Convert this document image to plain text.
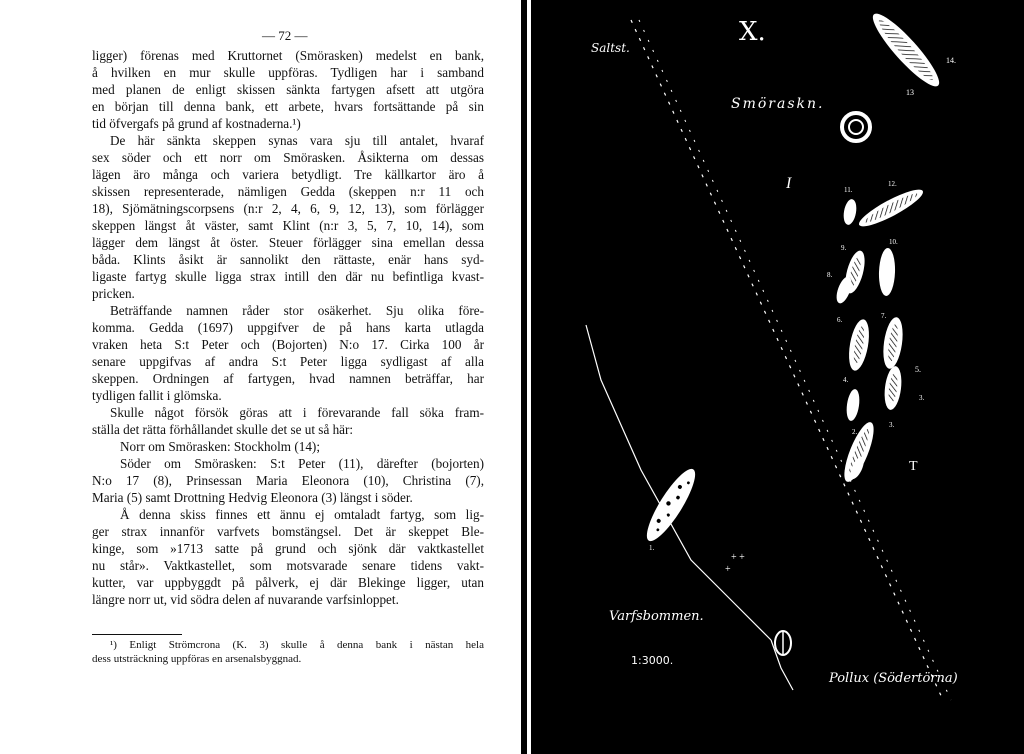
— 72 —

ligger) förenas med Kruttornet (Smörasken) medelst en bank,
å hvilken en mur skulle uppföras. Tydligen har i samband
med planen de enligt skissen sänkta fartygen afsett att utgöra
en början till denna bank, ett arbete, hvars fortsättande på sin
tid öfvergafs på grund af kostnaderna.¹)

De här sänkta skeppen synas vara sju till antalet, hvaraf
sex söder och ett norr om Smörasken. Åsikterna om dessas
lägen äro många och variera betydligt. Tre källkartor äro å
skissen representerade, nämligen Gedda (skeppen n:r 11 och
18), Sjömätningscorpsens (n:r 2, 4, 6, 9, 12, 13), som förlägger
skeppen längst åt väster, samt Klint (n:r 3, 5, 7, 10, 14), som
lägger dem längst åt öster. Steuer förlägger sina emellan dessa
båda. Klints åsikt är sannolikt den rättaste, enär hans syd-
ligaste fartyg skulle ligga strax intill den där nu befintliga kvast-
pricken.

Beträffande namnen råder stor osäkerhet. Sju olika före-
komma. Gedda (1697) uppgifver de på hans karta utlagda
vraken heta S:t Peter och (Bojorten) N:o 17. Cirka 100 år
senare uppgifvas af andra S:t Peter ligga sydligast af alla
skeppen. Ordningen af fartygen, hvad namnen beträffar, har
tydligen fallit i glömska.

Skulle något försök göras att i förevarande fall söka fram-
ställa det rätta förhållandet skulle det se ut så här:
Norr om Smörasken: Stockholm (14);
Söder om Smörasken: S:t Peter (11), därefter (bojorten)
N:o 17 (8), Prinsessan Maria Eleonora (10), Christina (7),
Maria (5) samt Drottning Hedvig Eleonora (3) längst i söder.

Å denna skiss finnes ett ännu ej omtaladt fartyg, som lig-
ger strax innanför varfvets bomstängsel. Det är skeppet Ble-
kinge, som »1713 satte på grund och sjönk där vaktkastellet
nu står». Vaktkastellet, som motsvarade senare tidens vakt-
kutter, var uppbyggdt på pålverk, ej där Blekinge ligger, utan
längre norr ut, vid södra delen af nuvarande varfsinloppet.

¹) Enligt Strömcrona (K. 3) skulle å denna bank i nästan hela
dess utsträckning uppföras en arsenalsbyggnad.
X.
Saltst.
Smöraskn.
14.
13
I	11.
12.
9.
10.
8.
6.	7.
5.
4.
3.
2.
3.
T
1.
+ +
+
Varfsbommen.
1:3000.
Pollux (Södertörna)
